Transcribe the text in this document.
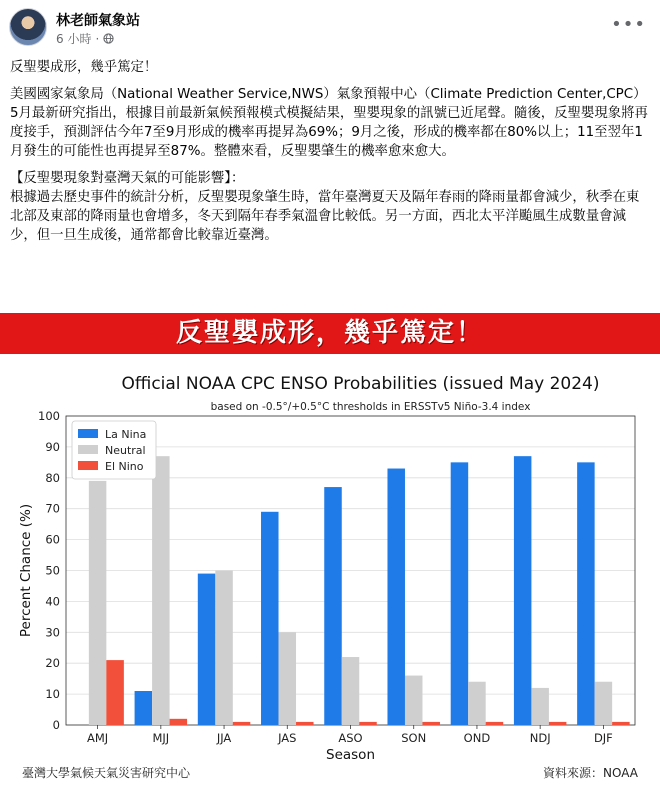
林老師氣象站
6 小時 ·
•••

反聖嬰成形，幾乎篤定！

美國國家氣象局（National Weather Service,NWS）氣象預報中心（Climate Prediction Center,CPC）5月最新研究指出，根據目前最新氣候預報模式模擬結果，聖嬰現象的訊號已近尾聲。隨後，反聖嬰現象將再度接手，預測評估今年7至9月形成的機率再提昇為69%；9月之後，形成的機率都在80%以上；11至翌年1月發生的可能性也再提昇至87%。整體來看，反聖嬰肇生的機率愈來愈大。

【反聖嬰現象對臺灣天氣的可能影響】：
根據過去歷史事件的統計分析，反聖嬰現象肇生時，當年臺灣夏天及隔年春雨的降雨量都會減少，秋季在東北部及東部的降雨量也會增多，冬天到隔年春季氣溫會比較低。另一方面，西北太平洋颱風生成數量會減少，但一旦生成後，通常都會比較靠近臺灣。

反聖嬰成形，幾乎篤定！
Official NOAA CPC ENSO Probabilities (issued May 2024)
based on -0.5°/+0.5°C thresholds in ERSSTv5 Niño-3.4 index
0
10
20
30
40
50
60
70
80
90
100
AMJ	MJJ	JJA	JAS	ASO	SON	OND	NDJ	DJF
Season
Percent Chance (%)
La Nina
Neutral
El Nino
臺灣大學氣候天氣災害研究中心	資料來源：NOAA
